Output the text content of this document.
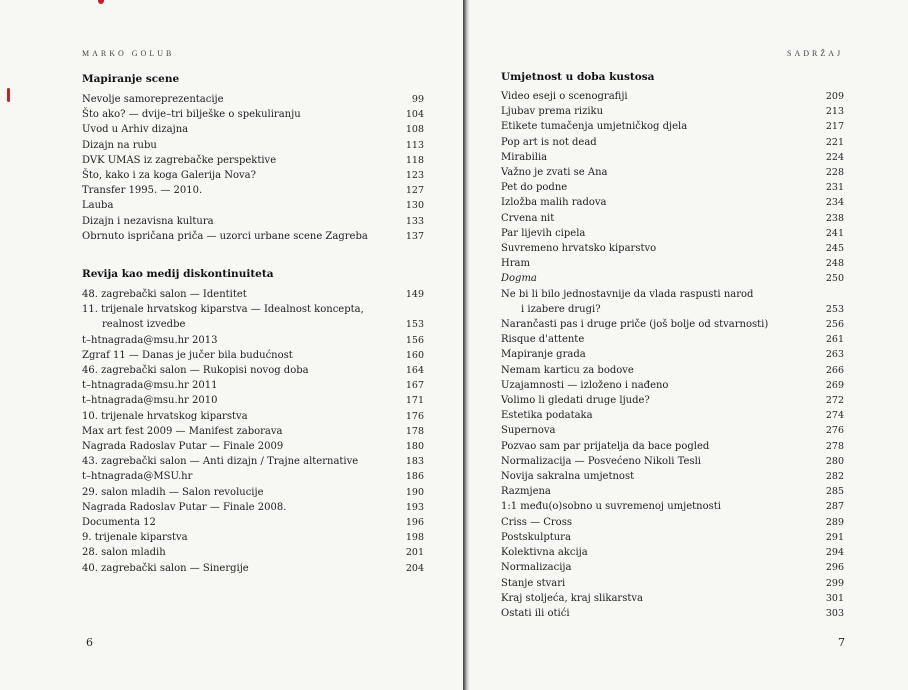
MARKO GOLUB
Mapiranje scene
Nevolje samoreprezentacije	99
Što ako? — dvije–tri bilješke o spekuliranju	104
Uvod u Arhiv dizajna	108
Dizajn na rubu	113
DVK UMAS iz zagrebačke perspektive	118
Što, kako i za koga Galerija Nova?	123
Transfer 1995. — 2010.	127
Lauba	130
Dizajn i nezavisna kultura	133
Obrnuto ispričana priča — uzorci urbane scene Zagreba	137
Revija kao medij diskontinuiteta
48. zagrebački salon — Identitet	149
11. trijenale hrvatskog kiparstva — Idealnost koncepta,
realnost izvedbe	153
t–htnagrada@msu.hr 2013	156
Zgraf 11 — Danas je jučer bila budućnost	160
46. zagrebački salon — Rukopisi novog doba	164
t–htnagrada@msu.hr 2011	167
t–htnagrada@msu.hr 2010	171
10. trijenale hrvatskog kiparstva	176
Max art fest 2009 — Manifest zaborava	178
Nagrada Radoslav Putar — Finale 2009	180
43. zagrebački salon — Anti dizajn / Trajne alternative	183
t–htnagrada@MSU.hr	186
29. salon mladih — Salon revolucije	190
Nagrada Radoslav Putar — Finale 2008.	193
Documenta 12	196
9. trijenale kiparstva	198
28. salon mladih	201
40. zagrebački salon — Sinergije	204
6
SADRŽAJ
Umjetnost u doba kustosa
Video eseji o scenografiji	209
Ljubav prema riziku	213
Etikete tumačenja umjetničkog djela	217
Pop art is not dead	221
Mirabilia	224
Važno je zvati se Ana	228
Pet do podne	231
Izložba malih radova	234
Crvena nit	238
Par lijevih cipela	241
Suvremeno hrvatsko kiparstvo	245
Hram	248
Dogma	250
Ne bi li bilo jednostavnije da vlada raspusti narod
i izabere drugi?	253
Narančasti pas i druge priče (još bolje od stvarnosti)	256
Risque d'attente	261
Mapiranje grada	263
Nemam karticu za bodove	266
Uzajamnosti — izloženo i nađeno	269
Volimo li gledati druge ljude?	272
Estetika podataka	274
Supernova	276
Pozvao sam par prijatelja da bace pogled	278
Normalizacija — Posvećeno Nikoli Tesli	280
Novija sakralna umjetnost	282
Razmjena	285
1:1 među(o)sobno u suvremenoj umjetnosti	287
Criss — Cross	289
Postskulptura	291
Kolektivna akcija	294
Normalizacija	296
Stanje stvari	299
Kraj stoljeća, kraj slikarstva	301
Ostati ili otići	303
7
